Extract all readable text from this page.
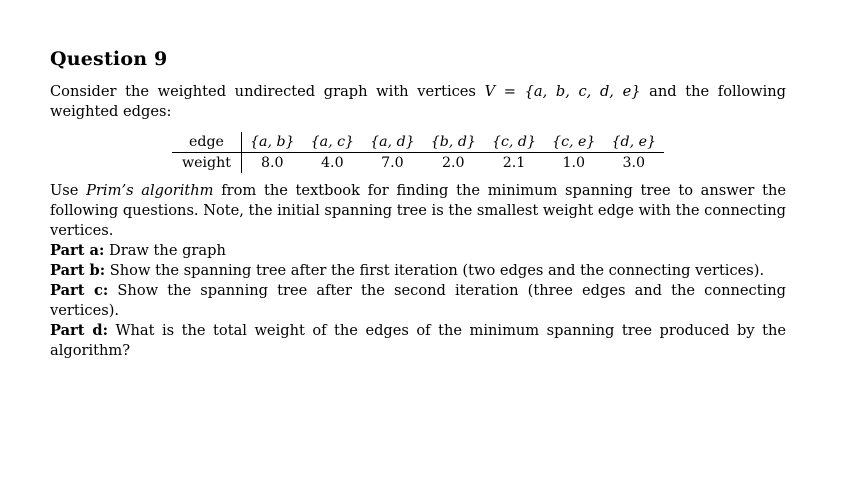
Question 9

Consider the weighted undirected graph with vertices V = {a, b, c, d, e} and the following weighted edges:

edge	{a, b}	{a, c}	{a, d}	{b, d}	{c, d}	{c, e}	{d, e}
weight	8.0	4.0	7.0	2.0	2.1	1.0	3.0

Use Prim’s algorithm from the textbook for finding the minimum spanning tree to answer the following questions. Note, the initial spanning tree is the smallest weight edge with the connecting vertices.

Part a: Draw the graph

Part b: Show the spanning tree after the first iteration (two edges and the connecting vertices).

Part c: Show the spanning tree after the second iteration (three edges and the connecting vertices).

Part d: What is the total weight of the edges of the minimum spanning tree produced by the algorithm?
